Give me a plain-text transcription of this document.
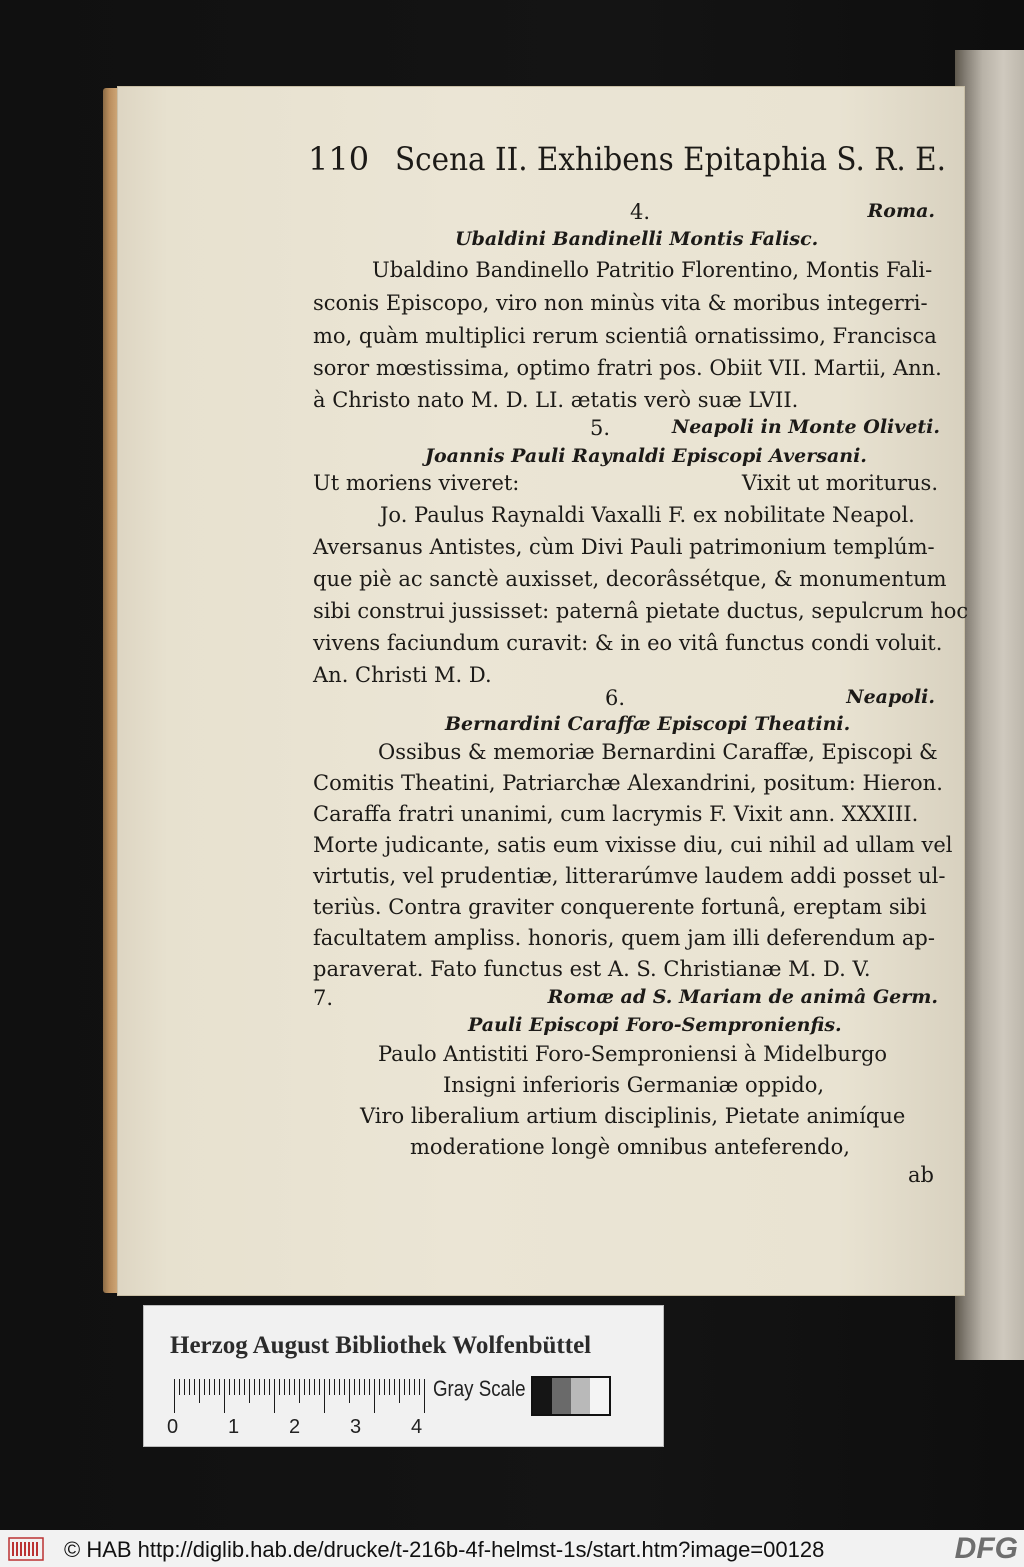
110 Scena II. Exhibens Epitaphia S. R. E.
4.	Roma.
Ubaldini Bandinelli Montis Falisc.
Ubaldino Bandinello Patritio Florentino, Montis Fali-
sconis Episcopo, viro non minùs vita & moribus integerri-
mo, quàm multiplici rerum scientiâ ornatissimo, Francisca
soror mœstissima, optimo fratri pos. Obiit VII. Martii, Ann.
à Christo nato M. D. LI. ætatis verò suæ LVII.
5.	Neapoli in Monte Oliveti.
Joannis Pauli Raynaldi Episcopi Aversani.
Ut moriens viveret:	Vixit ut moriturus.
Jo. Paulus Raynaldi Vaxalli F. ex nobilitate Neapol.
Aversanus Antistes, cùm Divi Pauli patrimonium templúm-
que piè ac sanctè auxisset, decorâssétque, & monumentum
sibi construi jussisset: paternâ pietate ductus, sepulcrum hoc
vivens faciundum curavit: & in eo vitâ functus condi voluit.
An. Christi M. D.
6.	Neapoli.
Bernardini Caraffæ Episcopi Theatini.
Ossibus & memoriæ Bernardini Caraffæ, Episcopi &
Comitis Theatini, Patriarchæ Alexandrini, positum: Hieron.
Caraffa fratri unanimi, cum lacrymis F. Vixit ann. XXXIII.
Morte judicante, satis eum vixisse diu, cui nihil ad ullam vel
virtutis, vel prudentiæ, litterarúmve laudem addi posset ul-
teriùs. Contra graviter conquerente fortunâ, ereptam sibi
facultatem ampliss. honoris, quem jam illi deferendum ap-
paraverat. Fato functus est A. S. Christianæ M. D. V.
7.	Romæ ad S. Mariam de animâ Germ.
Pauli Episcopi Foro-Sempronienfis.
Paulo Antistiti Foro-Semproniensi à Midelburgo
Insigni inferioris Germaniæ oppido,
Viro liberalium artium disciplinis, Pietate animíque
moderatione longè omnibus anteferendo,
ab
Herzog August Bibliothek Wolfenbüttel
0 1 2 3 4
Gray Scale
© HAB http://diglib.hab.de/drucke/t-216b-4f-helmst-1s/start.htm?image=00128	DFG
